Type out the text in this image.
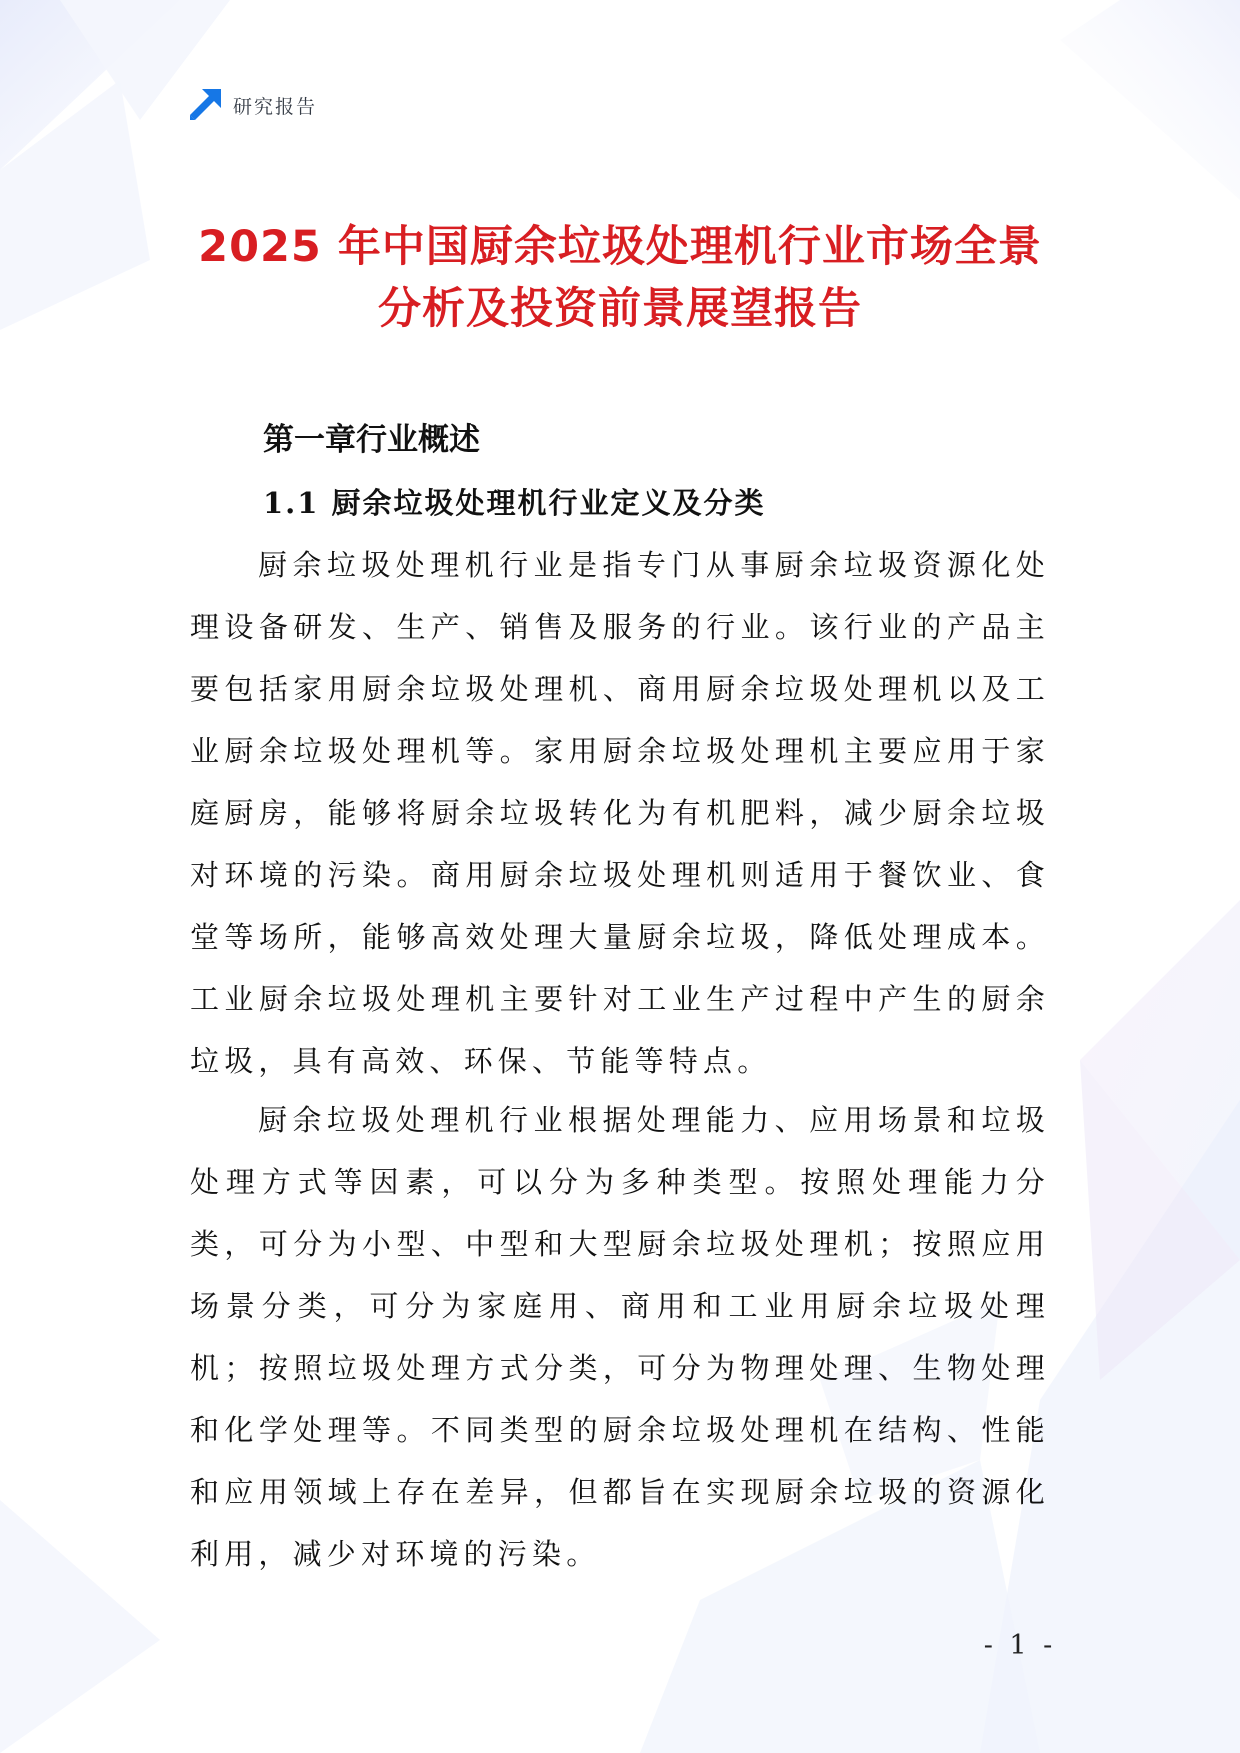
研究报告
2025 年中国厨余垃圾处理机行业市场全景
分析及投资前景展望报告
第一章行业概述
1.1 厨余垃圾处理机行业定义及分类

厨余垃圾处理机行业是指专门从事厨余垃圾资源化处理设备研发、生产、销售及服务的行业。该行业的产品主要包括家用厨余垃圾处理机、商用厨余垃圾处理机以及工业厨余垃圾处理机等。家用厨余垃圾处理机主要应用于家庭厨房，能够将厨余垃圾转化为有机肥料，减少厨余垃圾对环境的污染。商用厨余垃圾处理机则适用于餐饮业、食堂等场所，能够高效处理大量厨余垃圾，降低处理成本。工业厨余垃圾处理机主要针对工业生产过程中产生的厨余垃圾，具有高效、环保、节能等特点。

厨余垃圾处理机行业根据处理能力、应用场景和垃圾处理方式等因素，可以分为多种类型。按照处理能力分类，可分为小型、中型和大型厨余垃圾处理机；按照应用场景分类，可分为家庭用、商用和工业用厨余垃圾处理机；按照垃圾处理方式分类，可分为物理处理、生物处理和化学处理等。不同类型的厨余垃圾处理机在结构、性能和应用领域上存在差异，但都旨在实现厨余垃圾的资源化利用，减少对环境的污染。

- 1 -
